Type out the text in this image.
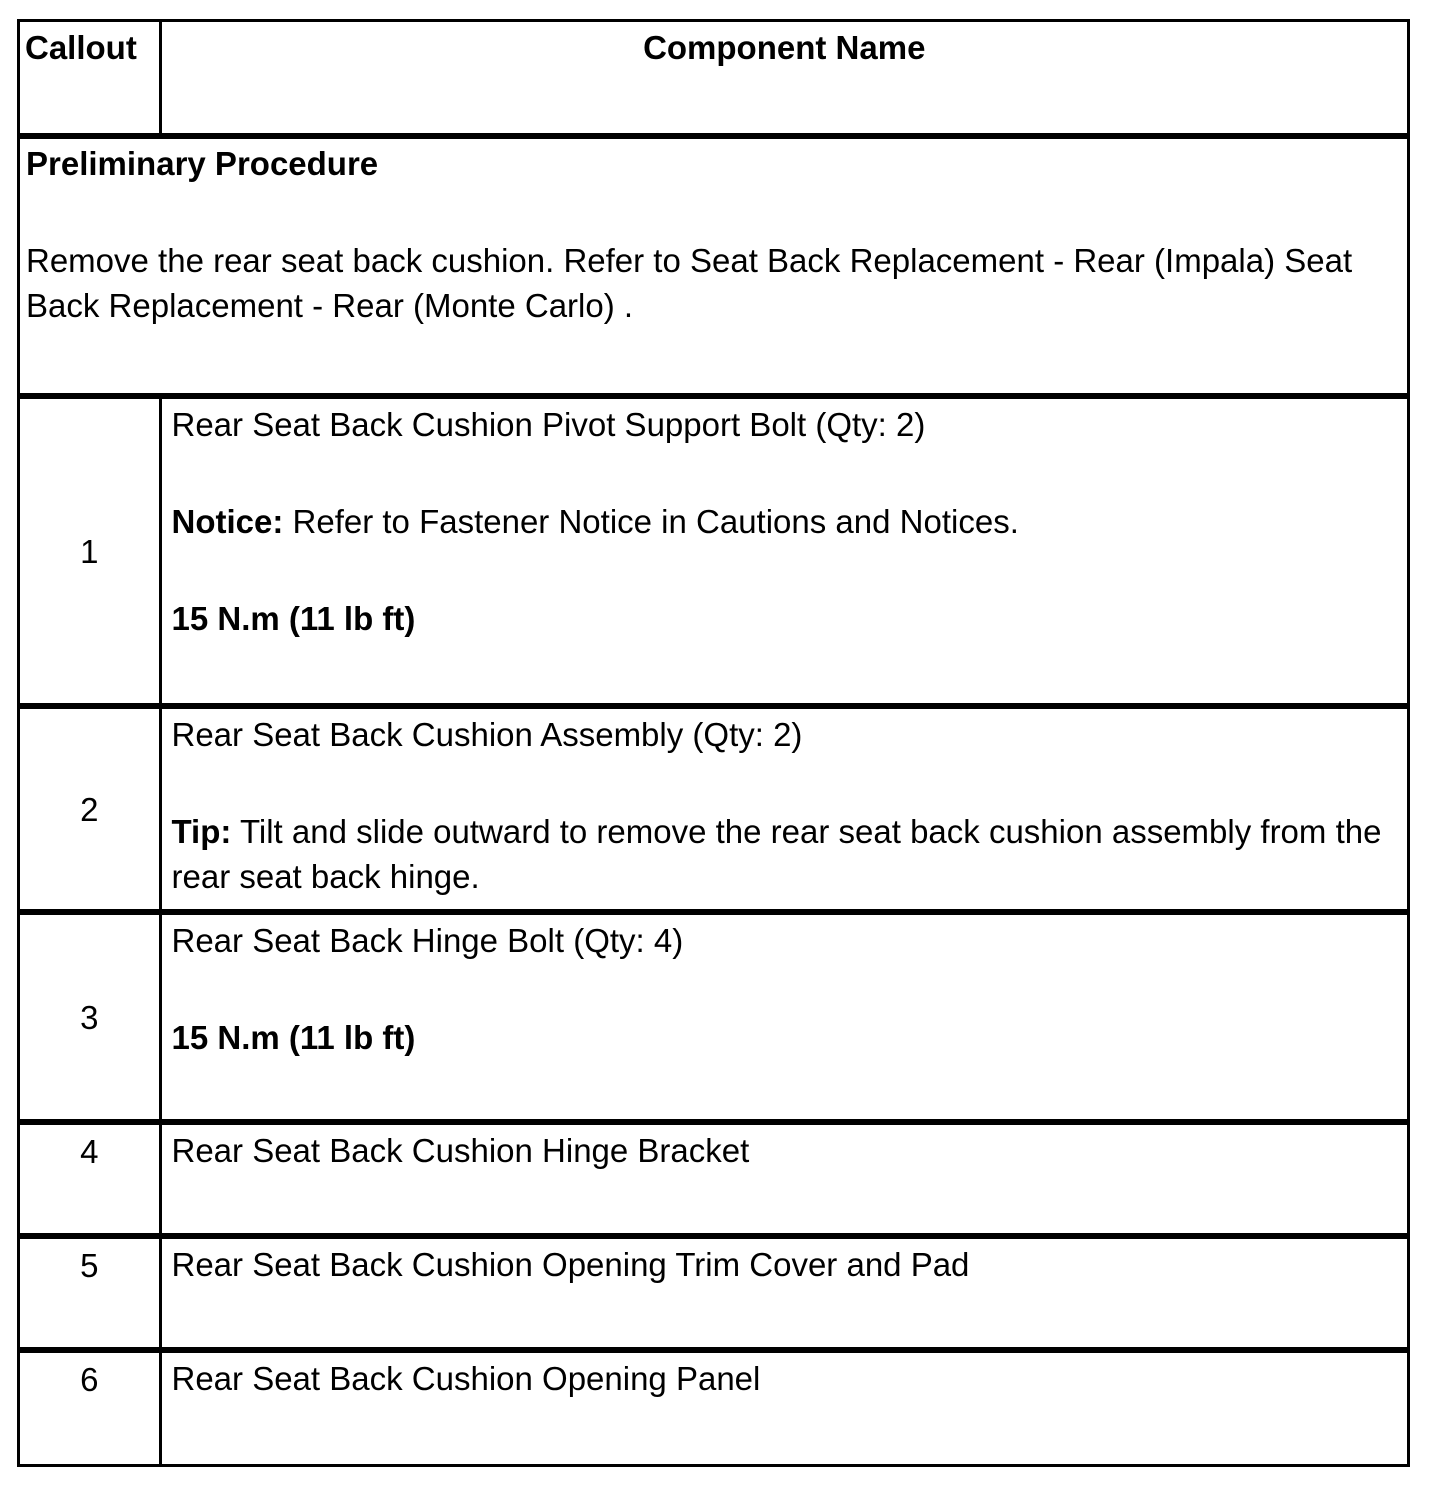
Callout	Component Name

Preliminary Procedure

Remove the rear seat back cushion. Refer to Seat Back Replacement - Rear (Impala) Seat Back Replacement - Rear (Monte Carlo) .	

1	Rear Seat Back Cushion Pivot Support Bolt (Qty: 2)

Notice: Refer to Fastener Notice in Cautions and Notices.

15 N.m (11 lb ft)

2	Rear Seat Back Cushion Assembly (Qty: 2)

Tip: Tilt and slide outward to remove the rear seat back cushion assembly from the rear seat back hinge.

3	Rear Seat Back Hinge Bolt (Qty: 4)

15 N.m (11 lb ft)

4	Rear Seat Back Cushion Hinge Bracket
5	Rear Seat Back Cushion Opening Trim Cover and Pad
6	Rear Seat Back Cushion Opening Panel
